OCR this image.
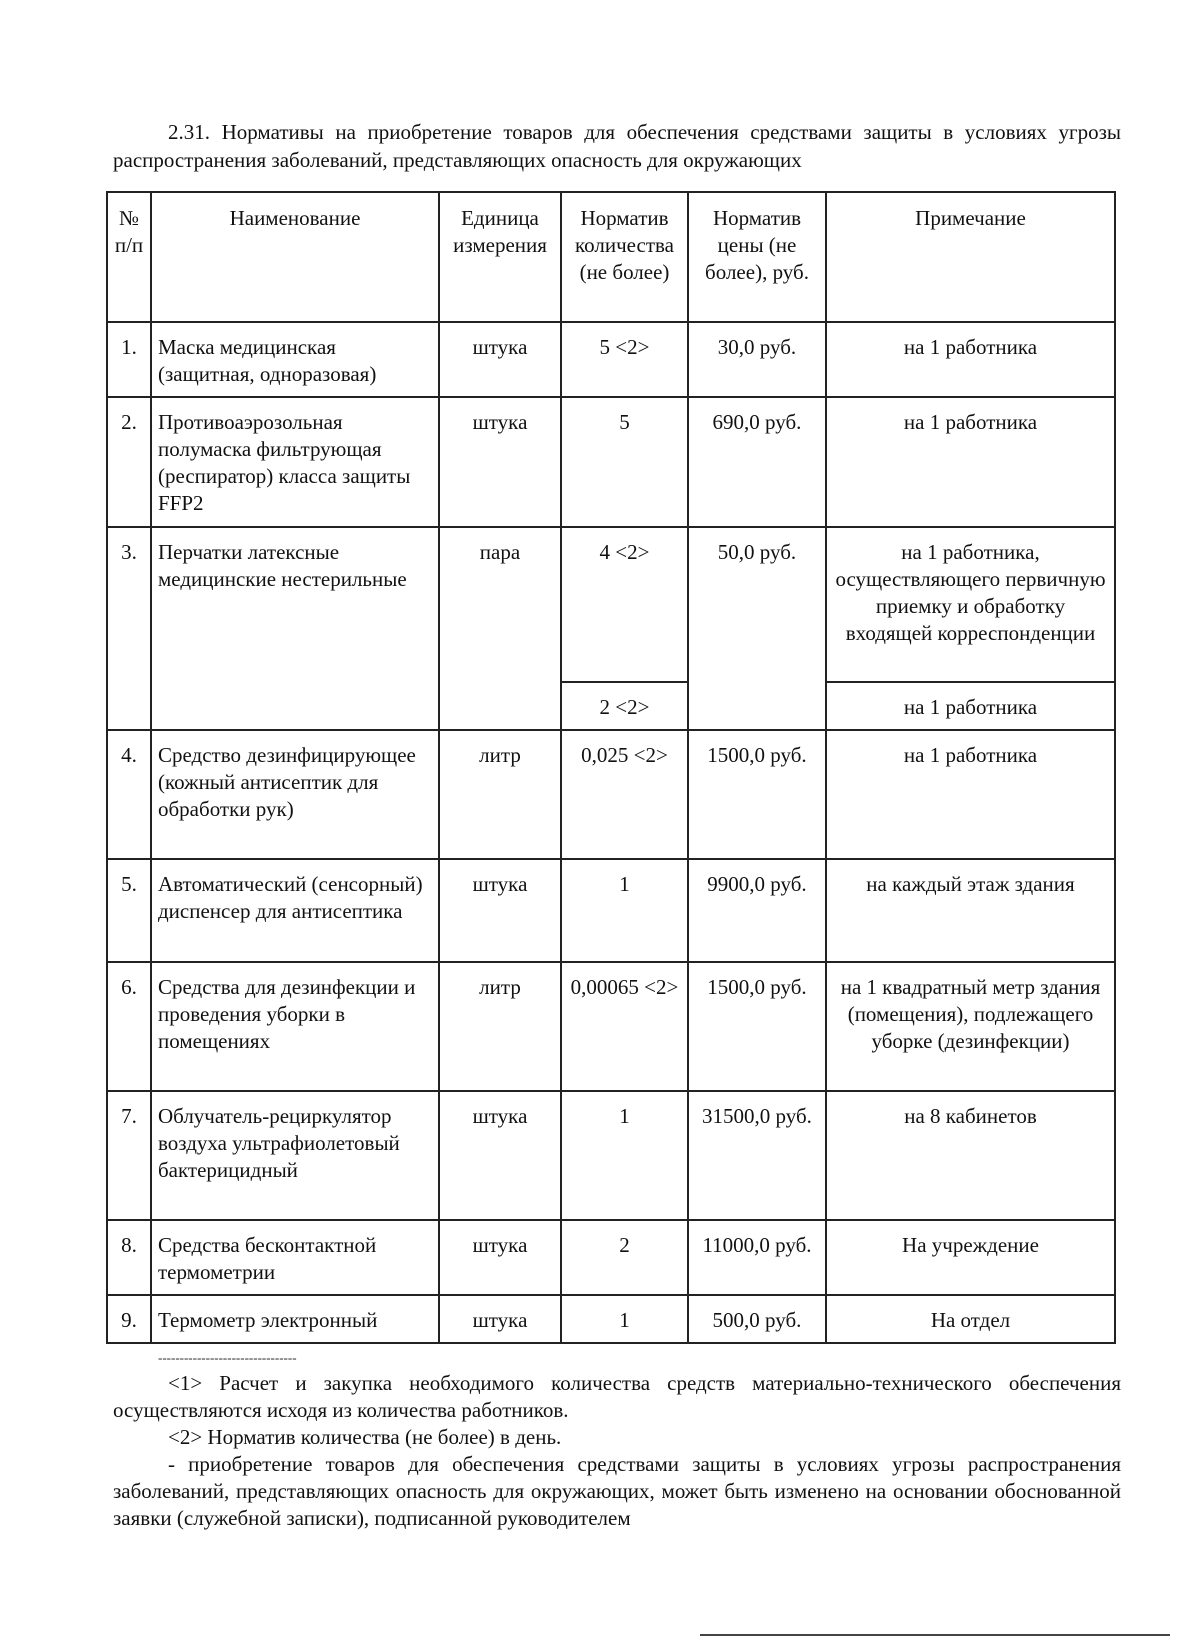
2.31. Нормативы на приобретение товаров для обеспечения средствами защиты в условиях угрозы распространения заболеваний, представляющих опасность для окружающих
№ п/п	Наименование	Единица измерения	Норматив количества (не более)	Норматив цены (не более), руб.	Примечание
1.	Маска медицинская (защитная, одноразовая)	штука	5 <2>	30,0 руб.	на 1 работника
2.	Противоаэрозольная полумаска фильтрующая (респиратор) класса защиты FFP2	штука	5	690,0 руб.	на 1 работника
3.	Перчатки латексные медицинские нестерильные	пара	4 <2>	50,0 руб.	на 1 работника, осуществляющего первичную приемку и обработку входящей корреспонденции
			2 <2>		на 1 работника
4.	Средство дезинфицирующее (кожный антисептик для обработки рук)	литр	0,025 <2>	1500,0 руб.	на 1 работника
5.	Автоматический (сенсорный) диспенсер для антисептика	штука	1	9900,0 руб.	на каждый этаж здания
6.	Средства для дезинфекции и проведения уборки в помещениях	литр	0,00065 <2>	1500,0 руб.	на 1 квадратный метр здания (помещения), подлежащего уборке (дезинфекции)
7.	Облучатель-рециркулятор воздуха ультрафиолетовый бактерицидный	штука	1	31500,0 руб.	на 8 кабинетов
8.	Средства бесконтактной термометрии	штука	2	11000,0 руб.	На учреждение
9.	Термометр электронный	штука	1	500,0 руб.	На отдел
--------------------------------

<1> Расчет и закупка необходимого количества средств материально-технического обеспечения осуществляются исходя из количества работников.

<2> Норматив количества (не более) в день.

- приобретение товаров для обеспечения средствами защиты в условиях угрозы распространения заболеваний, представляющих опасность для окружающих, может быть изменено на основании обоснованной заявки (служебной записки), подписанной руководителем
